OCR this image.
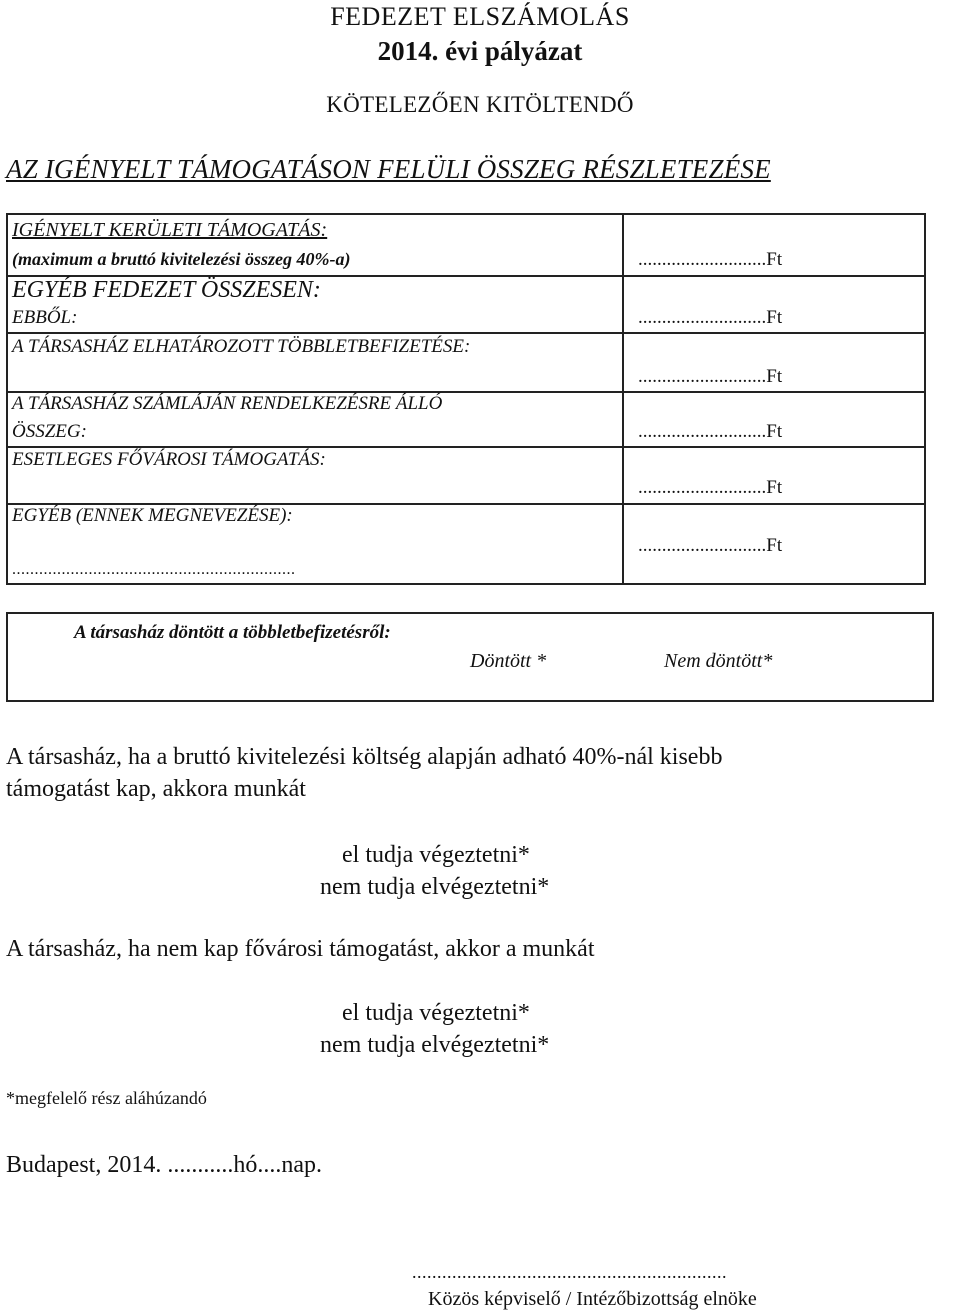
FEDEZET ELSZÁMOLÁS
2014. évi pályázat
KÖTELEZŐEN KITÖLTENDŐ
AZ IGÉNYELT TÁMOGATÁSON FELÜLI ÖSSZEG RÉSZLETEZÉSE
IGÉNYELT KERÜLETI TÁMOGATÁS:
(maximum a bruttó kivitelezési összeg 40%-a)	...........................Ft
EGYÉB FEDEZET ÖSSZESEN:
EBBŐL:	...........................Ft
A TÁRSASHÁZ ELHATÁROZOTT TÖBBLETBEFIZETÉSE:
...........................Ft
A TÁRSASHÁZ SZÁMLÁJÁN RENDELKEZÉSRE ÁLLÓ
ÖSSZEG:	...........................Ft
ESETLEGES FŐVÁROSI TÁMOGATÁS:
...........................Ft
EGYÉB (ENNEK MEGNEVEZÉSE):
...........................Ft
...............................................................
A társasház döntött a többletbefizetésről:
Döntött *	Nem döntött*
A társasház, ha a bruttó kivitelezési költség alapján adható 40%-nál kisebb
támogatást kap, akkora munkát
el tudja végeztetni*
nem tudja elvégeztetni*
A társasház, ha nem kap fővárosi támogatást, akkor a munkát
el tudja végeztetni*
nem tudja elvégeztetni*
*megfelelő rész aláhúzandó
Budapest, 2014. ...........hó....nap.
...............................................................
Közös képviselő / Intézőbizottság elnöke
